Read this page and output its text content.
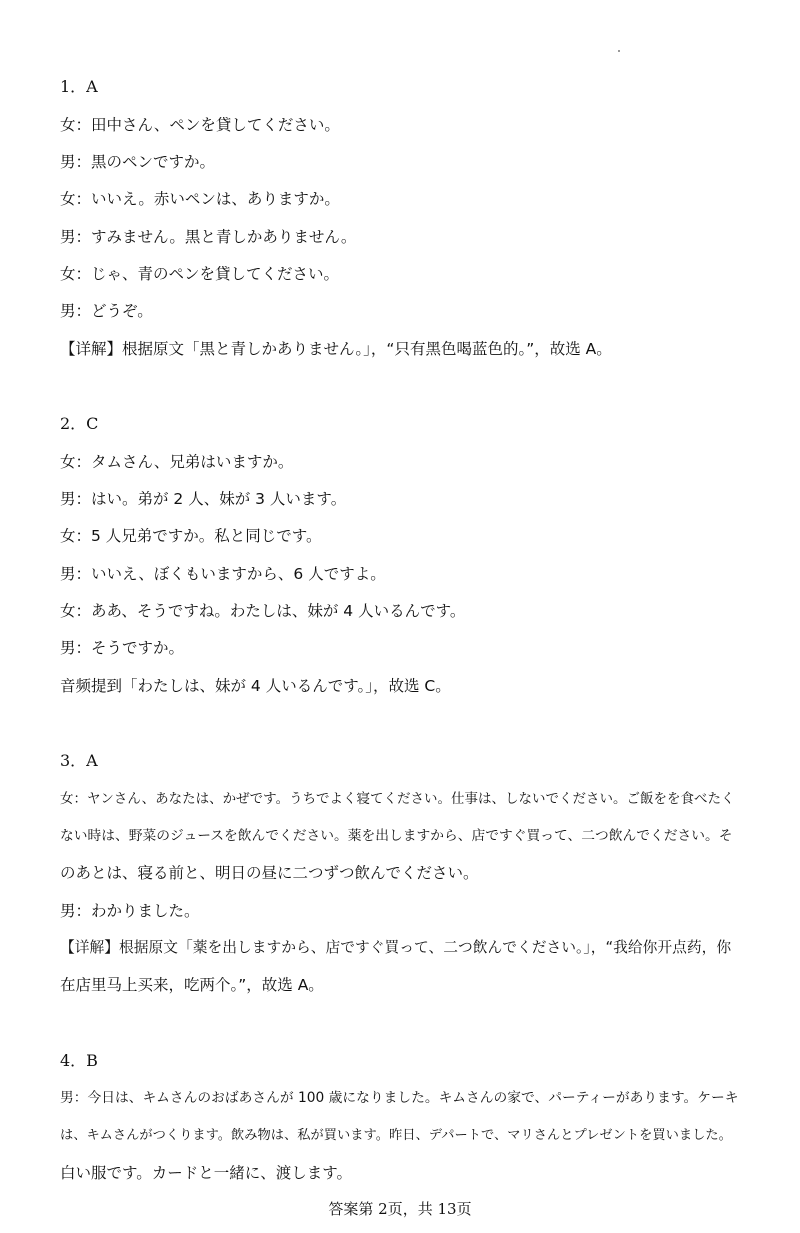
1．A
女：田中さん、ペンを貸してください。
男：黒のペンですか。
女：いいえ。赤いペンは、ありますか。
男：すみません。黒と青しかありません。
女：じゃ、青のペンを貸してください。
男：どうぞ。
【详解】根据原文「黒と青しかありません。」，“只有黑色喝蓝色的。”，故选 A。
2．C
女：タムさん、兄弟はいますか。
男：はい。弟が 2 人、妹が 3 人います。
女：5 人兄弟ですか。私と同じです。
男：いいえ、ぼくもいますから、6 人ですよ。
女：ああ、そうですね。わたしは、妹が 4 人いるんです。
男：そうですか。
音频提到「わたしは、妹が 4 人いるんです。」，故选 C。
3．A
女：ヤンさん、あなたは、かぜです。うちでよく寝てください。仕事は、しないでください。ご飯をを食べたく
ない時は、野菜のジュースを飲んでください。薬を出しますから、店ですぐ買って、二つ飲んでください。そ
のあとは、寝る前と、明日の昼に二つずつ飲んでください。
男：わかりました。
【详解】根据原文「薬を出しますから、店ですぐ買って、二つ飲んでください。」，“我给你开点药，你
在店里马上买来，吃两个。”，故选 A。
4．B
男：今日は、キムさんのおばあさんが 100 歳になりました。キムさんの家で、パーティーがあります。ケーキ
は、キムさんがつくります。飲み物は、私が買います。昨日、デパートで、マリさんとプレゼントを買いました。
白い服です。カードと一緒に、渡します。
答案第 2页，共 13页
